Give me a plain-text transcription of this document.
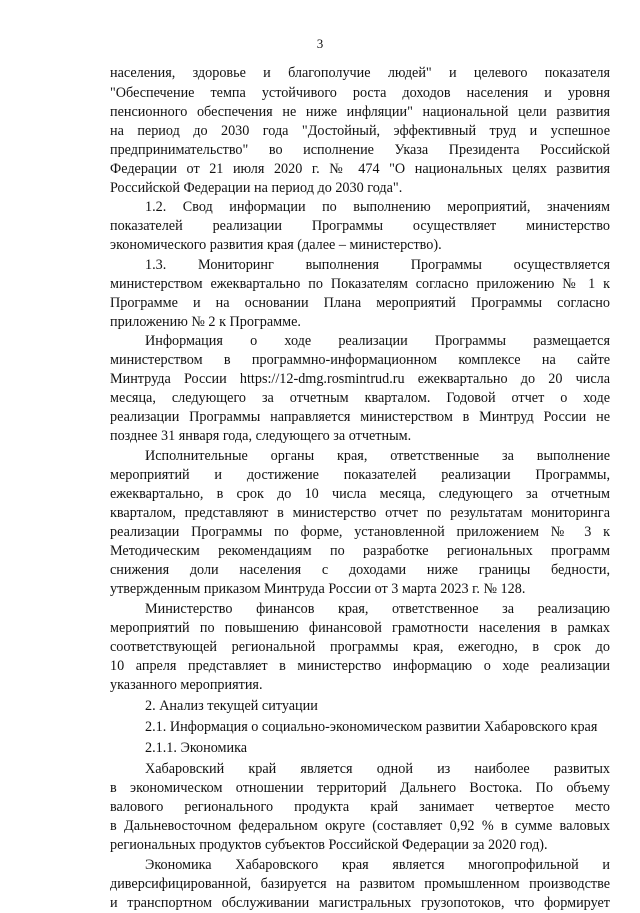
3
населения, здоровье и благополучие людей" и целевого показателя
"Обеспечение темпа устойчивого роста доходов населения и уровня
пенсионного обеспечения не ниже инфляции" национальной цели развития
на период до 2030 года "Достойный, эффективный труд и успешное
предпринимательство" во исполнение Указа Президента Российской
Федерации от 21 июля 2020 г. № 474 "О национальных целях развития
Российской Федерации на период до 2030 года".
1.2. Свод информации по выполнению мероприятий, значениям
показателей реализации Программы осуществляет министерство
экономического развития края (далее – министерство).
1.3. Мониторинг выполнения Программы осуществляется
министерством ежеквартально по Показателям согласно приложению № 1 к
Программе и на основании Плана мероприятий Программы согласно
приложению № 2 к Программе.
Информация о ходе реализации Программы размещается
министерством в программно-информационном комплексе на сайте
Минтруда России https://12-dmg.rosmintrud.ru ежеквартально до 20 числа
месяца, следующего за отчетным кварталом. Годовой отчет о ходе
реализации Программы направляется министерством в Минтруд России не
позднее 31 января года, следующего за отчетным.
Исполнительные органы края, ответственные за выполнение
мероприятий и достижение показателей реализации Программы,
ежеквартально, в срок до 10 числа месяца, следующего за отчетным
кварталом, представляют в министерство отчет по результатам мониторинга
реализации Программы по форме, установленной приложением № 3 к
Методическим рекомендациям по разработке региональных программ
снижения доли населения с доходами ниже границы бедности,
утвержденным приказом Минтруда России от 3 марта 2023 г. № 128.
Министерство финансов края, ответственное за реализацию
мероприятий по повышению финансовой грамотности населения в рамках
соответствующей региональной программы края, ежегодно, в срок до
10 апреля представляет в министерство информацию о ходе реализации
указанного мероприятия.
2. Анализ текущей ситуации
2.1. Информация о социально-экономическом развитии Хабаровского края
2.1.1. Экономика
Хабаровский край является одной из наиболее развитых
в экономическом отношении территорий Дальнего Востока. По объему
валового регионального продукта край занимает четвертое место
в Дальневосточном федеральном округе (составляет 0,92 % в сумме валовых
региональных продуктов субъектов Российской Федерации за 2020 год).
Экономика Хабаровского края является многопрофильной и
диверсифицированной, базируется на развитом промышленном производстве
и транспортном обслуживании магистральных грузопотоков, что формирует
